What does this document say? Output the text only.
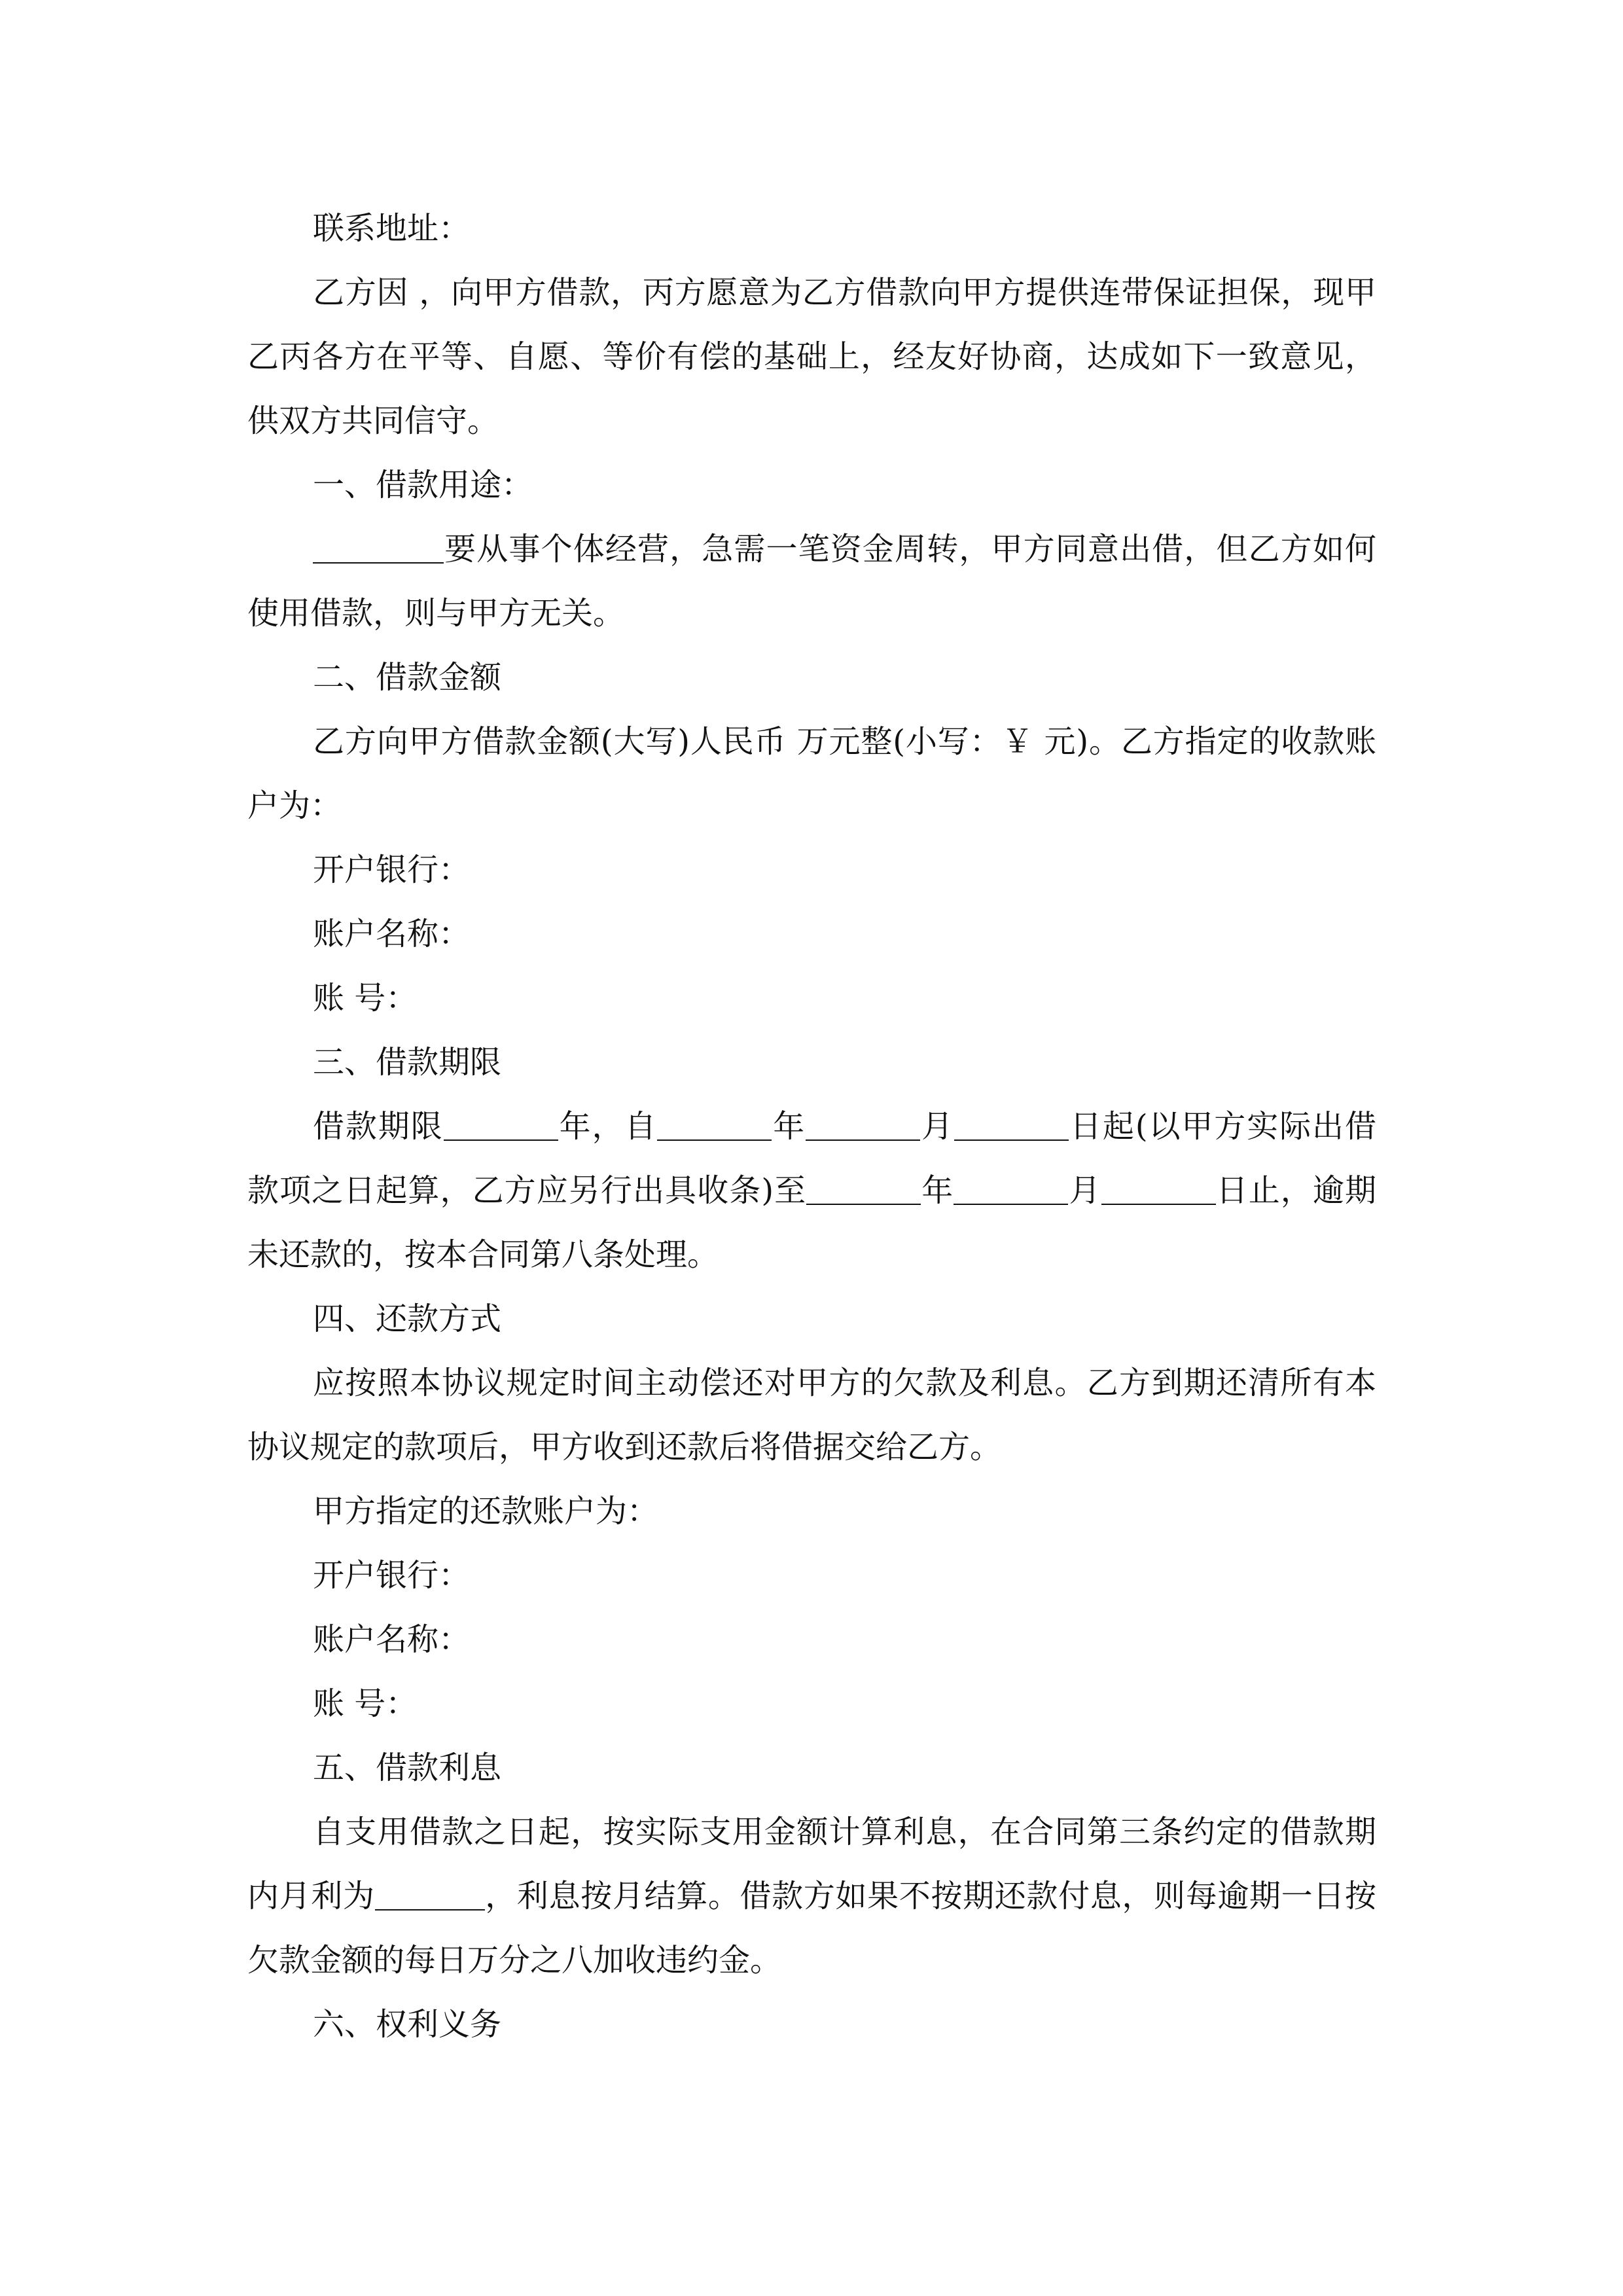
联系地址：

乙方因 ，向甲方借款，丙方愿意为乙方借款向甲方提供连带保证担保，现甲乙丙各方在平等、自愿、等价有偿的基础上，经友好协商，达成如下一致意见，供双方共同信守。

一、借款用途：

要从事个体经营，急需一笔资金周转，甲方同意出借，但乙方如何使用借款，则与甲方无关。

二、借款金额

乙方向甲方借款金额(大写)人民币 万元整(小写：￥ 元)。乙方指定的收款账户为：

开户银行：

账户名称：

账 号：

三、借款期限

借款期限	年，自	年	月	日起(以甲方实际出借款项之日起算，乙方应另行出具收条)至	年	月	日止，逾期未还款的，按本合同第八条处理。

四、还款方式

应按照本协议规定时间主动偿还对甲方的欠款及利息。乙方到期还清所有本协议规定的款项后，甲方收到还款后将借据交给乙方。

甲方指定的还款账户为：

开户银行：

账户名称：

账 号：

五、借款利息

自支用借款之日起，按实际支用金额计算利息，在合同第三条约定的借款期内月利为	，利息按月结算。借款方如果不按期还款付息，则每逾期一日按欠款金额的每日万分之八加收违约金。

六、权利义务
